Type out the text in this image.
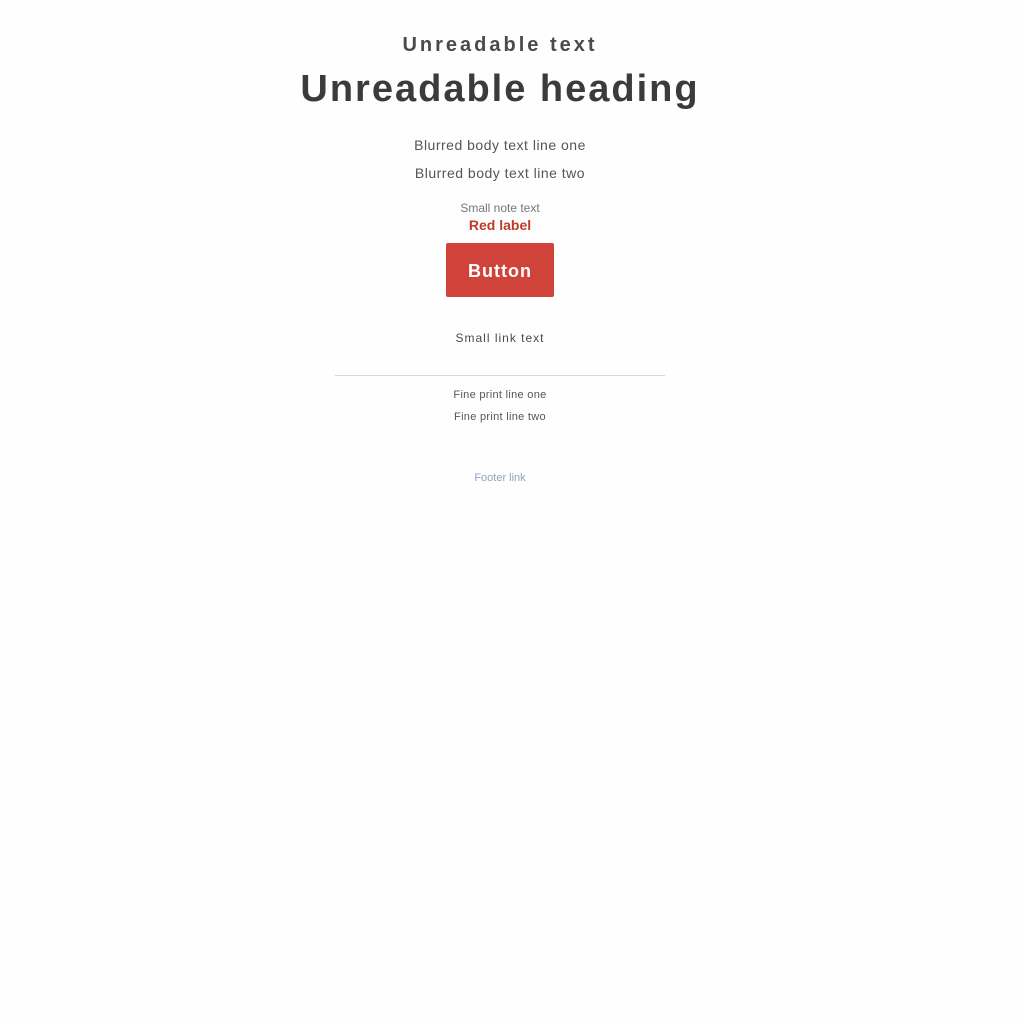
Unreadable text
Unreadable heading
Blurred body text line one
Blurred body text line two
Small note text
Red label
Button
Small link text
Fine print line one
Fine print line two
Footer link
